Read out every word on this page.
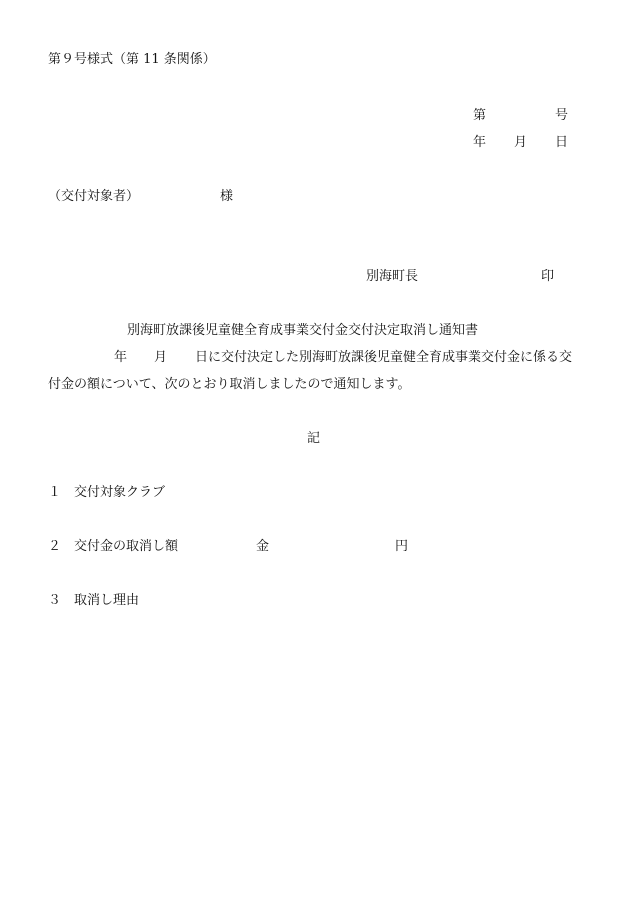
第９号様式（第 11 条関係）
第	号
年 月 日
（交付対象者）	様
別海町長	印
別海町放課後児童健全育成事業交付金交付決定取消し通知書
年 月 日に交付決定した別海町放課後児童健全育成事業交付金に係る交
付金の額について、次のとおり取消しましたので通知します。
記
１ 交付対象クラブ
２ 交付金の取消し額	金	円
３ 取消し理由
